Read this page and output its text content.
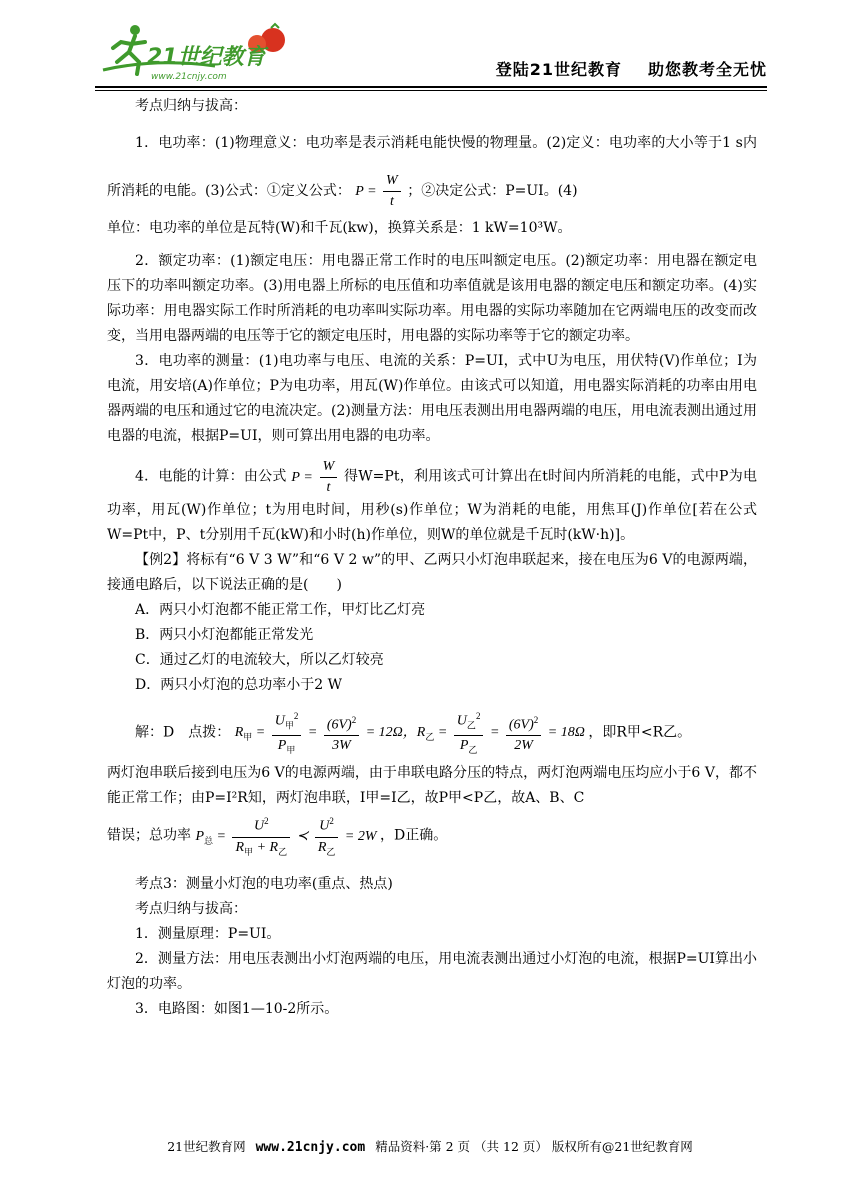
21世纪教育
www.21cnjy.com	登陆21世纪教育 助您教考全无忧

考点归纳与拔高：

1．电功率：(1)物理意义：电功率是表示消耗电能快慢的物理量。(2)定义：电功率的大小等于1 s内所消耗的电能。(3)公式：①定义公式： $P = \frac{W}{t}$ ；②决定公式：P=UI。(4)

单位：电功率的单位是瓦特(W)和千瓦(kw)，换算关系是：1 kW=10³W。

2．额定功率：(1)额定电压：用电器正常工作时的电压叫额定电压。(2)额定功率：用电器在额定电压下的功率叫额定功率。(3)用电器上所标的电压值和功率值就是该用电器的额定电压和额定功率。(4)实际功率：用电器实际工作时所消耗的电功率叫实际功率。用电器的实际功率随加在它两端电压的改变而改变，当用电器两端的电压等于它的额定电压时，用电器的实际功率等于它的额定功率。

3．电功率的测量：(1)电功率与电压、电流的关系：P=UI，式中U为电压，用伏特(V)作单位；I为电流，用安培(A)作单位；P为电功率，用瓦(W)作单位。由该式可以知道，用电器实际消耗的功率由用电器两端的电压和通过它的电流决定。(2)测量方法：用电压表测出用电器两端的电压，用电流表测出通过用电器的电流，根据P=UI，则可算出用电器的电功率。

4．电能的计算：由公式 $P = \frac{W}{t}$ 得W=Pt，利用该式可计算出在t时间内所消耗的电能，式中P为电功率，用瓦(W)作单位；t为用电时间，用秒(s)作单位；W为消耗的电能，用焦耳(J)作单位[若在公式W=Pt中，P、t分别用千瓦(kW)和小时(h)作单位，则W的单位就是千瓦时(kW·h)]。

【例2】将标有“6 V 3 W”和“6 V 2 w”的甲、乙两只小灯泡串联起来，接在电压为6 V的电源两端，接通电路后，以下说法正确的是(　　)

A．两只小灯泡都不能正常工作，甲灯比乙灯亮

B．两只小灯泡都能正常发光

C．通过乙灯的电流较大，所以乙灯较亮

D．两只小灯泡的总功率小于2 W

解：D　点拨： $R_甲 = \frac{U_甲^2}{P_甲} = \frac{(6V)^2}{3W} = 12\Omega$，$R_乙 = \frac{U_乙^2}{P_乙} = \frac{(6V)^2}{2W} = 18\Omega$ ，即R甲<R乙。

两灯泡串联后接到电压为6 V的电源两端，由于串联电路分压的特点，两灯泡两端电压均应小于6 V，都不能正常工作；由P=I²R知，两灯泡串联，I甲=I乙，故P甲<P乙，故A、B、C

错误；总功率 $P_总 = \frac{U^2}{R_甲 + R_乙}$ ≺ $\frac{U^2}{R_乙} = 2W$ ，D正确。

考点3：测量小灯泡的电功率(重点、热点)

考点归纳与拔高：

1．测量原理：P=UI。

2．测量方法：用电压表测出小灯泡两端的电压，用电流表测出通过小灯泡的电流，根据P=UI算出小灯泡的功率。

3．电路图：如图1—10-2所示。

21世纪教育网 www.21cnjy.com 精品资料·第 2 页 （共 12 页） 版权所有@21世纪教育网
